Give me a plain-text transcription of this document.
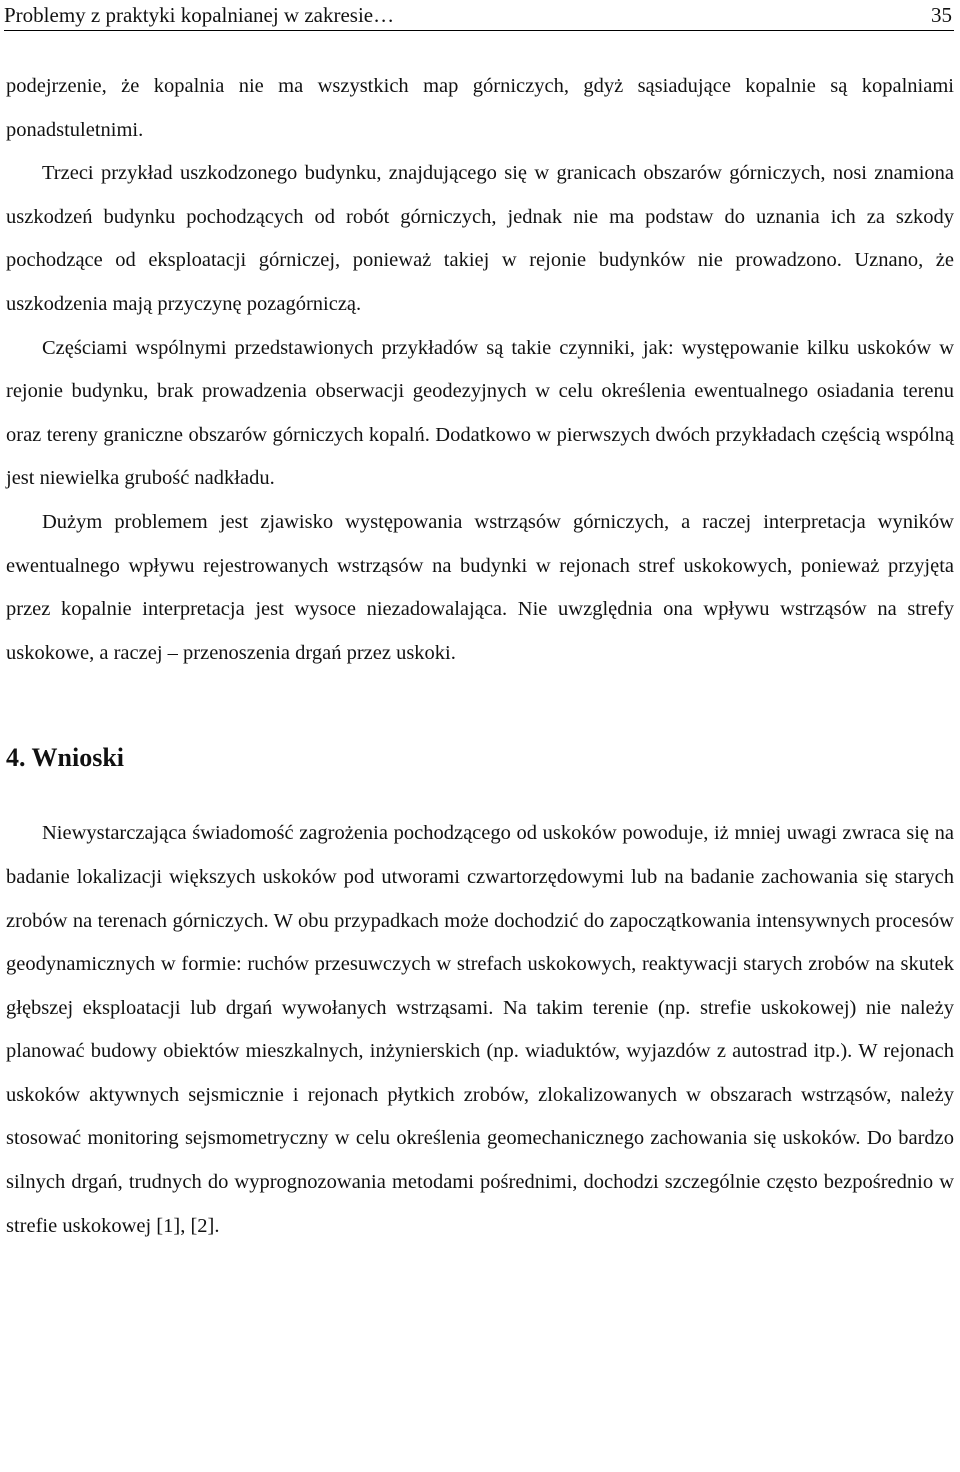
Problemy z praktyki kopalnianej w zakresie…	35

podejrzenie, że kopalnia nie ma wszystkich map górniczych, gdyż sąsiadujące kopalnie są kopalniami ponadstuletnimi.

Trzeci przykład uszkodzonego budynku, znajdującego się w granicach obszarów górniczych, nosi znamiona uszkodzeń budynku pochodzących od robót górniczych, jednak nie ma podstaw do uznania ich za szkody pochodzące od eksploatacji górniczej, ponieważ takiej w rejonie budynków nie prowadzono. Uznano, że uszkodzenia mają przyczynę pozagórniczą.

Częściami wspólnymi przedstawionych przykładów są takie czynniki, jak: występowanie kilku uskoków w rejonie budynku, brak prowadzenia obserwacji geodezyjnych w celu określenia ewentualnego osiadania terenu oraz tereny graniczne obszarów górniczych kopalń. Dodatkowo w pierwszych dwóch przykładach częścią wspólną jest niewielka grubość nadkładu.

Dużym problemem jest zjawisko występowania wstrząsów górniczych, a raczej interpretacja wyników ewentualnego wpływu rejestrowanych wstrząsów na budynki w rejonach stref uskokowych, ponieważ przyjęta przez kopalnie interpretacja jest wysoce niezadowalająca. Nie uwzględnia ona wpływu wstrząsów na strefy uskokowe, a raczej – przenoszenia drgań przez uskoki.

4. Wnioski

Niewystarczająca świadomość zagrożenia pochodzącego od uskoków powoduje, iż mniej uwagi zwraca się na badanie lokalizacji większych uskoków pod utworami czwartorzędowymi lub na badanie zachowania się starych zrobów na terenach górniczych. W obu przypadkach może dochodzić do zapoczątkowania intensywnych procesów geodynamicznych w formie: ruchów przesuwczych w strefach uskokowych, reaktywacji starych zrobów na skutek głębszej eksploatacji lub drgań wywołanych wstrząsami. Na takim terenie (np. strefie uskokowej) nie należy planować budowy obiektów mieszkalnych, inżynierskich (np. wiaduktów, wyjazdów z autostrad itp.). W rejonach uskoków aktywnych sejsmicznie i rejonach płytkich zrobów, zlokalizowanych w obszarach wstrząsów, należy stosować monitoring sejsmometryczny w celu określenia geomechanicznego zachowania się uskoków. Do bardzo silnych drgań, trudnych do wyprognozowania metodami pośrednimi, dochodzi szczególnie często bezpośrednio w strefie uskokowej [1], [2].
